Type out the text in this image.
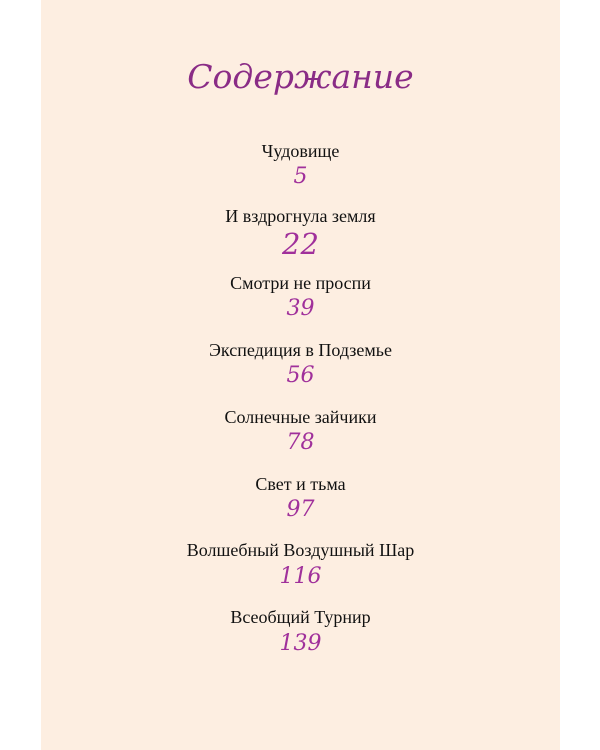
Содержание
Чудовище
5
И вздрогнула земля
22
Смотри не проспи
39
Экспедиция в Подземье
56
Солнечные зайчики
78
Свет и тьма
97
Волшебный Воздушный Шар
116
Всеобщий Турнир
139
